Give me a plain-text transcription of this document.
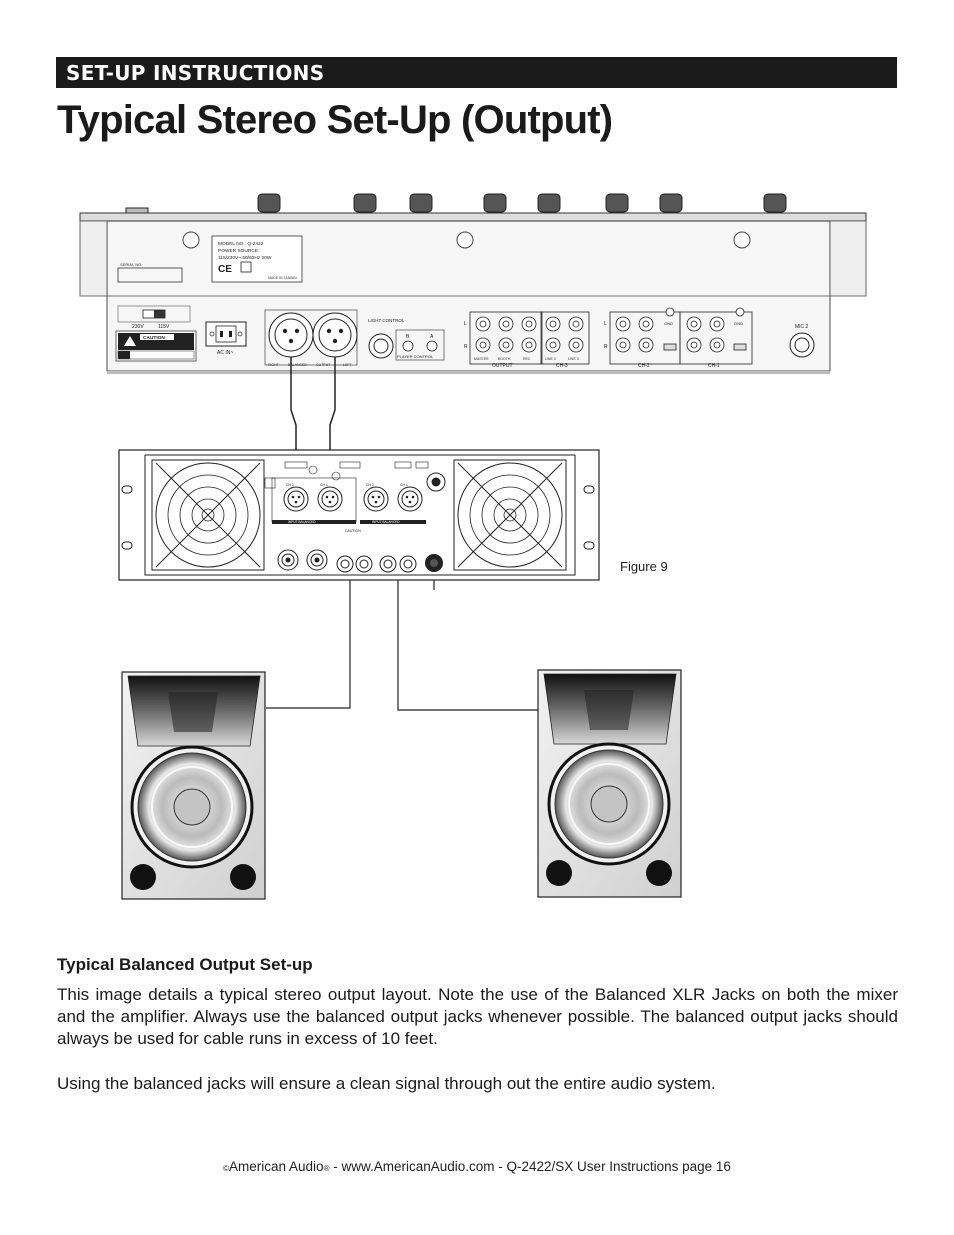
SET-UP INSTRUCTIONS
Typical Stereo Set-Up (Output)
SERIAL NO.
MODEL NO.: Q-2422
POWER SOURCE :
115/230V~ 50/60Hz 20W
CE
MADE IN TAIWAN
230V	115V
CAUTION
AC IN~
RIGHT	BALANCED	OUTPUT	LEFT
LIGHT CONTROL
B	A
PLAYER CONTROL
L
R
MASTER	BOOTH	REC	LINE 4	LINE 3
OUTPUT	CH-3
L
R
GND	GND
CH-2	CH-1
MIC 2
CH 2	CH 1	CH 2	CH 1
INPUT BALANCED	INPUT BALANCED
CAUTION
Figure 9
Typical Balanced Output Set-up

This image details a typical stereo output layout. Note the use of the Balanced XLR Jacks on both the mixer and the amplifier. Always use the balanced output jacks whenever possible. The balanced output jacks should always be used for cable runs in excess of 10 feet.

Using the balanced jacks will ensure a clean signal through out the entire audio system.

©American Audio® - www.AmericanAudio.com - Q-2422/SX User Instructions page 16
